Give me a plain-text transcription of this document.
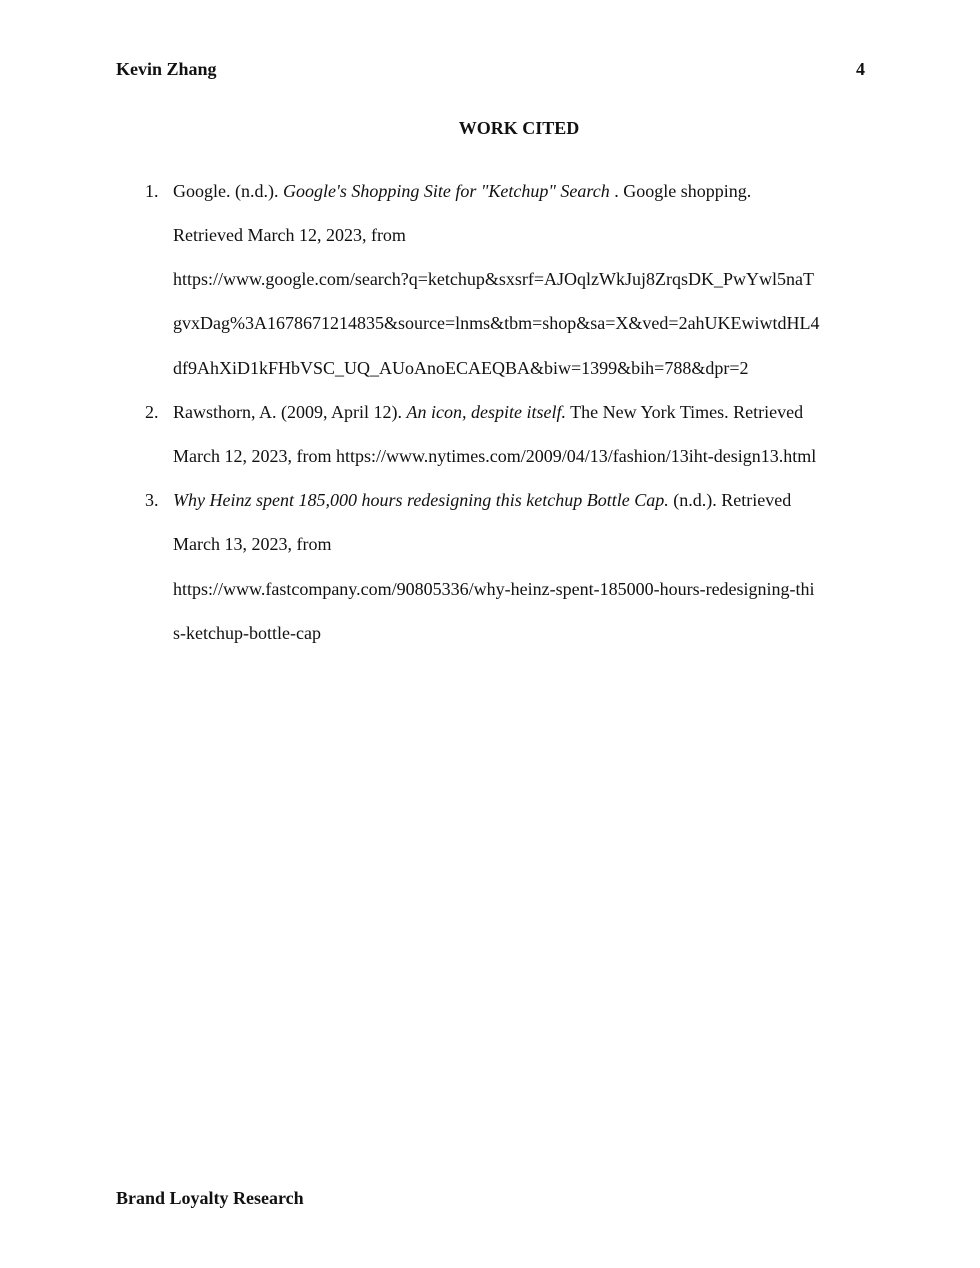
Kevin Zhang	4
WORK CITED
1. Google. (n.d.). Google's Shopping Site for "Ketchup" Search . Google shopping.
Retrieved March 12, 2023, from
https://www.google.com/search?q=ketchup&sxsrf=AJOqlzWkJuj8ZrqsDK_PwYwl5naT
gvxDag%3A1678671214835&source=lnms&tbm=shop&sa=X&ved=2ahUKEwiwtdHL4
df9AhXiD1kFHbVSC_UQ_AUoAnoECAEQBA&biw=1399&bih=788&dpr=2
2. Rawsthorn, A. (2009, April 12). An icon, despite itself. The New York Times. Retrieved
March 12, 2023, from https://www.nytimes.com/2009/04/13/fashion/13iht-design13.html
3. Why Heinz spent 185,000 hours redesigning this ketchup Bottle Cap. (n.d.). Retrieved
March 13, 2023, from
https://www.fastcompany.com/90805336/why-heinz-spent-185000-hours-redesigning-thi
s-ketchup-bottle-cap
Brand Loyalty Research
